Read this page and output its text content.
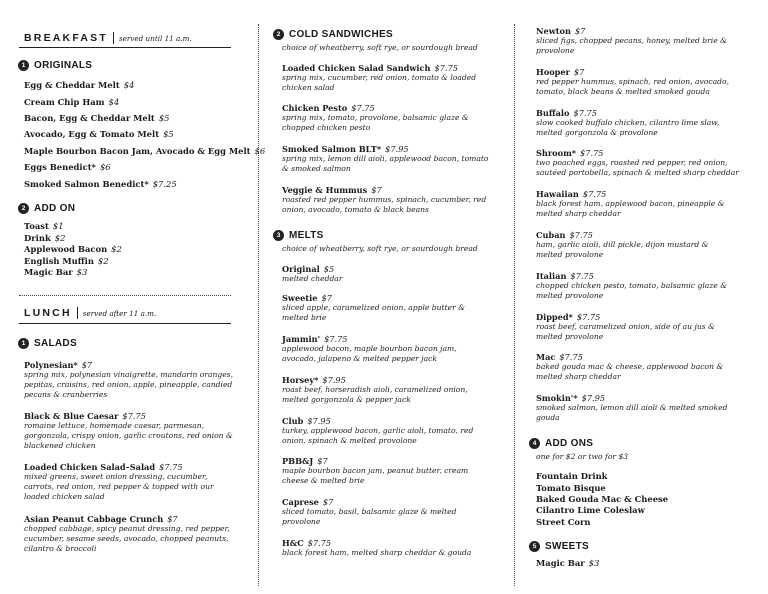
BREAKFAST served until 11 a.m.
1 ORIGINALS
Egg & Cheddar Melt $4
Cream Chip Ham $4
Bacon, Egg & Cheddar Melt $5
Avocado, Egg & Tomato Melt $5
Maple Bourbon Bacon Jam, Avocado & Egg Melt $6
Eggs Benedict* $6
Smoked Salmon Benedict* $7.25
2 ADD ON
Toast $1
Drink $2
Applewood Bacon $2
English Muffin $2
Magic Bar $3
LUNCH served after 11 a.m.
1 SALADS
Polynesian* $7
spring mix, polynesian vinaigrette, mandarin oranges,
pepitas, craisins, red onion, apple, pineapple, candied
pecans & cranberries
Black & Blue Caesar $7.75
romaine lettuce, homemade caesar, parmesan,
gorgonzola, crispy onion, garlic croutons, red onion &
blackened chicken
Loaded Chicken Salad–Salad $7.75
mixed greens, sweet onion dressing, cucumber,
carrots, red onion, red pepper & topped with our
loaded chicken salad
Asian Peanut Cabbage Crunch $7
chopped cabbage, spicy peanut dressing, red pepper,
cucumber, sesame seeds, avocado, chopped peanuts,
cilantro & broccoli
2 COLD SANDWICHES
choice of wheatberry, soft rye, or sourdough bread
Loaded Chicken Salad Sandwich $7.75
spring mix, cucumber, red onion, tomato & loaded
chicken salad
Chicken Pesto $7.75
spring mix, tomato, provolone, balsamic glaze &
chopped chicken pesto
Smoked Salmon BLT* $7.95
spring mix, lemon dill aioli, applewood bacon, tomato
& smoked salmon
Veggie & Hummus $7
roasted red pepper hummus, spinach, cucumber, red
onion, avocado, tomato & black beans
3 MELTS
choice of wheatberry, soft rye, or sourdough bread
Original $5
melted cheddar
Sweetie $7
sliced apple, caramelized onion, apple butter &
melted brie
Jammin' $7.75
applewood bacon, maple bourbon bacon jam,
avocado, jalapeno & melted pepper jack
Horsey* $7.95
roast beef, horseradish aioli, caramelized onion,
melted gorgonzola & pepper jack
Club $7.95
turkey, applewood bacon, garlic aioli, tomato, red
onion, spinach & melted provolone
PBB&J $7
maple bourbon bacon jam, peanut butter, cream
cheese & melted brie
Caprese $7
sliced tomato, basil, balsamic glaze & melted
provolone
H&C $7.75
black forest ham, melted sharp cheddar & gouda
Newton $7
sliced figs, chopped pecans, honey, melted brie &
provolone
Hooper $7
red pepper hummus, spinach, red onion, avocado,
tomato, black beans & melted smoked gouda
Buffalo $7.75
slow cooked buffalo chicken, cilantro lime slaw,
melted gorgonzola & provolone
Shroom* $7.75
two poached eggs, roasted red pepper, red onion,
sautéed portobella, spinach & melted sharp cheddar
Hawaiian $7.75
black forest ham, applewood bacon, pineapple &
melted sharp cheddar
Cuban $7.75
ham, garlic aioli, dill pickle, dijon mustard &
melted provolone
Italian $7.75
chopped chicken pesto, tomato, balsamic glaze &
melted provolone
Dipped* $7.75
roast beef, caramelized onion, side of au jus &
melted provolone
Mac $7.75
baked gouda mac & cheese, applewood bacon &
melted sharp cheddar
Smokin'* $7.95
smoked salmon, lemon dill aioli & melted smoked
gouda
4 ADD ONS
one for $2 or two for $3
Fountain Drink
Tomato Bisque
Baked Gouda Mac & Cheese
Cilantro Lime Coleslaw
Street Corn
5 SWEETS
Magic Bar $3
